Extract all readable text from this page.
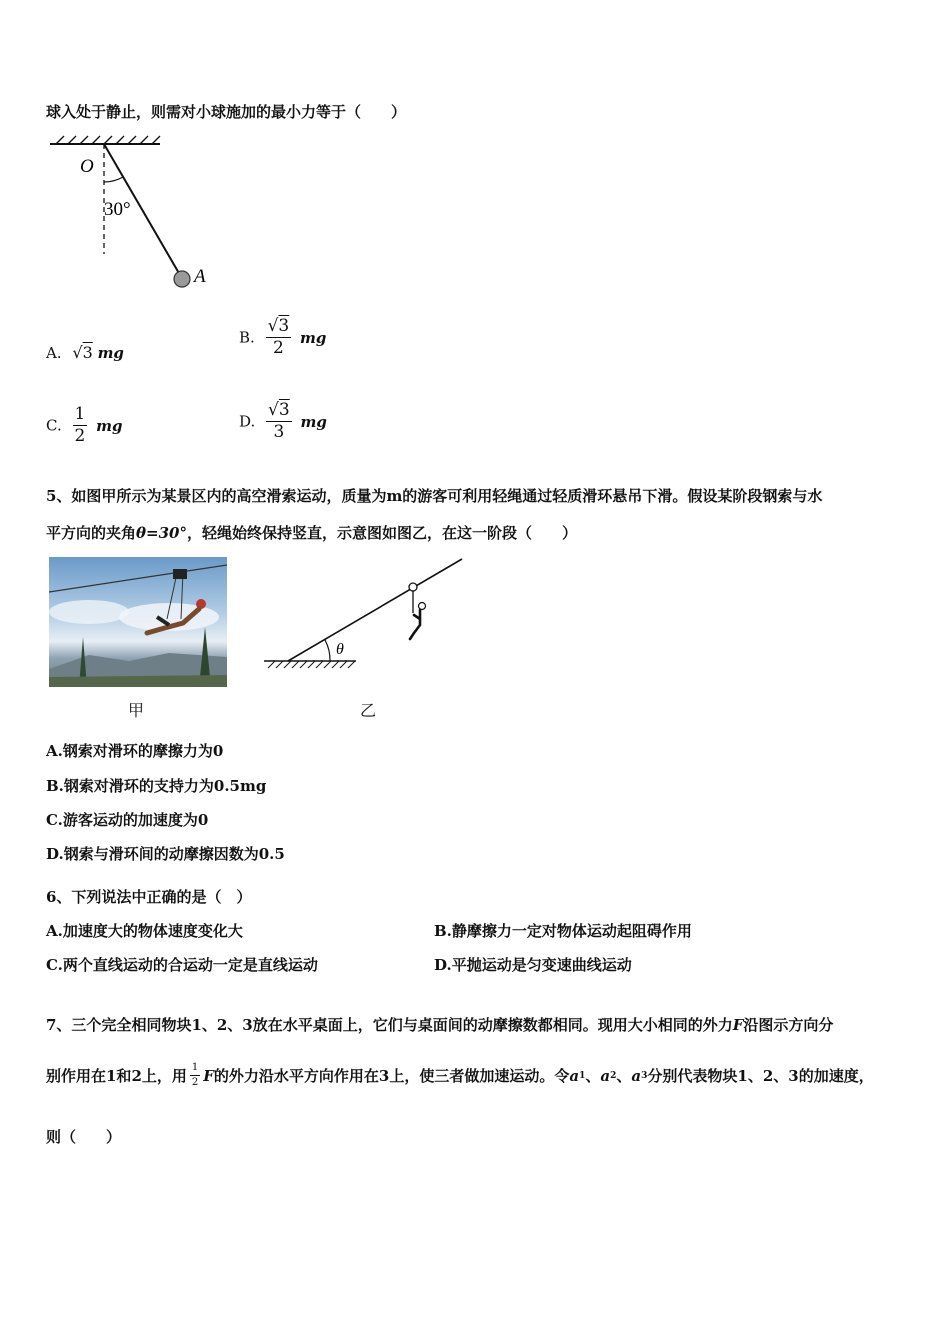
球入处于静止，则需对小球施加的最小力等于（　　）
O
30°
A
A. √3 mg
B. $\frac{√3}{2}$ mg
C. $\frac{1}{2}$ mg	D. $\frac{√3}{3}$ mg
5、如图甲所示为某景区内的高空滑索运动，质量为m的游客可利用轻绳通过轻质滑环悬吊下滑。假设某阶段钢索与水
平方向的夹角θ=30°，轻绳始终保持竖直，示意图如图乙，在这一阶段（　　）
甲
θ
乙
A.钢索对滑环的摩擦力为0
B.钢索对滑环的支持力为0.5mg
C.游客运动的加速度为0
D.钢索与滑环间的动摩擦因数为0.5
6、下列说法中正确的是（　）
A.加速度大的物体速度变化大	B.静摩擦力一定对物体运动起阻碍作用
C.两个直线运动的合运动一定是直线运动	D.平抛运动是匀变速曲线运动
7、三个完全相同物块1、2、3放在水平桌面上，它们与桌面间的动摩擦数都相同。现用大小相同的外力F沿图示方向分
别作用在1和2上，用 $\frac{1}{2}$ F 的外力沿水平方向作用在3上，使三者做加速运动。令 a 1 、 a 2 、 a 3 分别代表物块1、2、3的加速度，
则（　　）
